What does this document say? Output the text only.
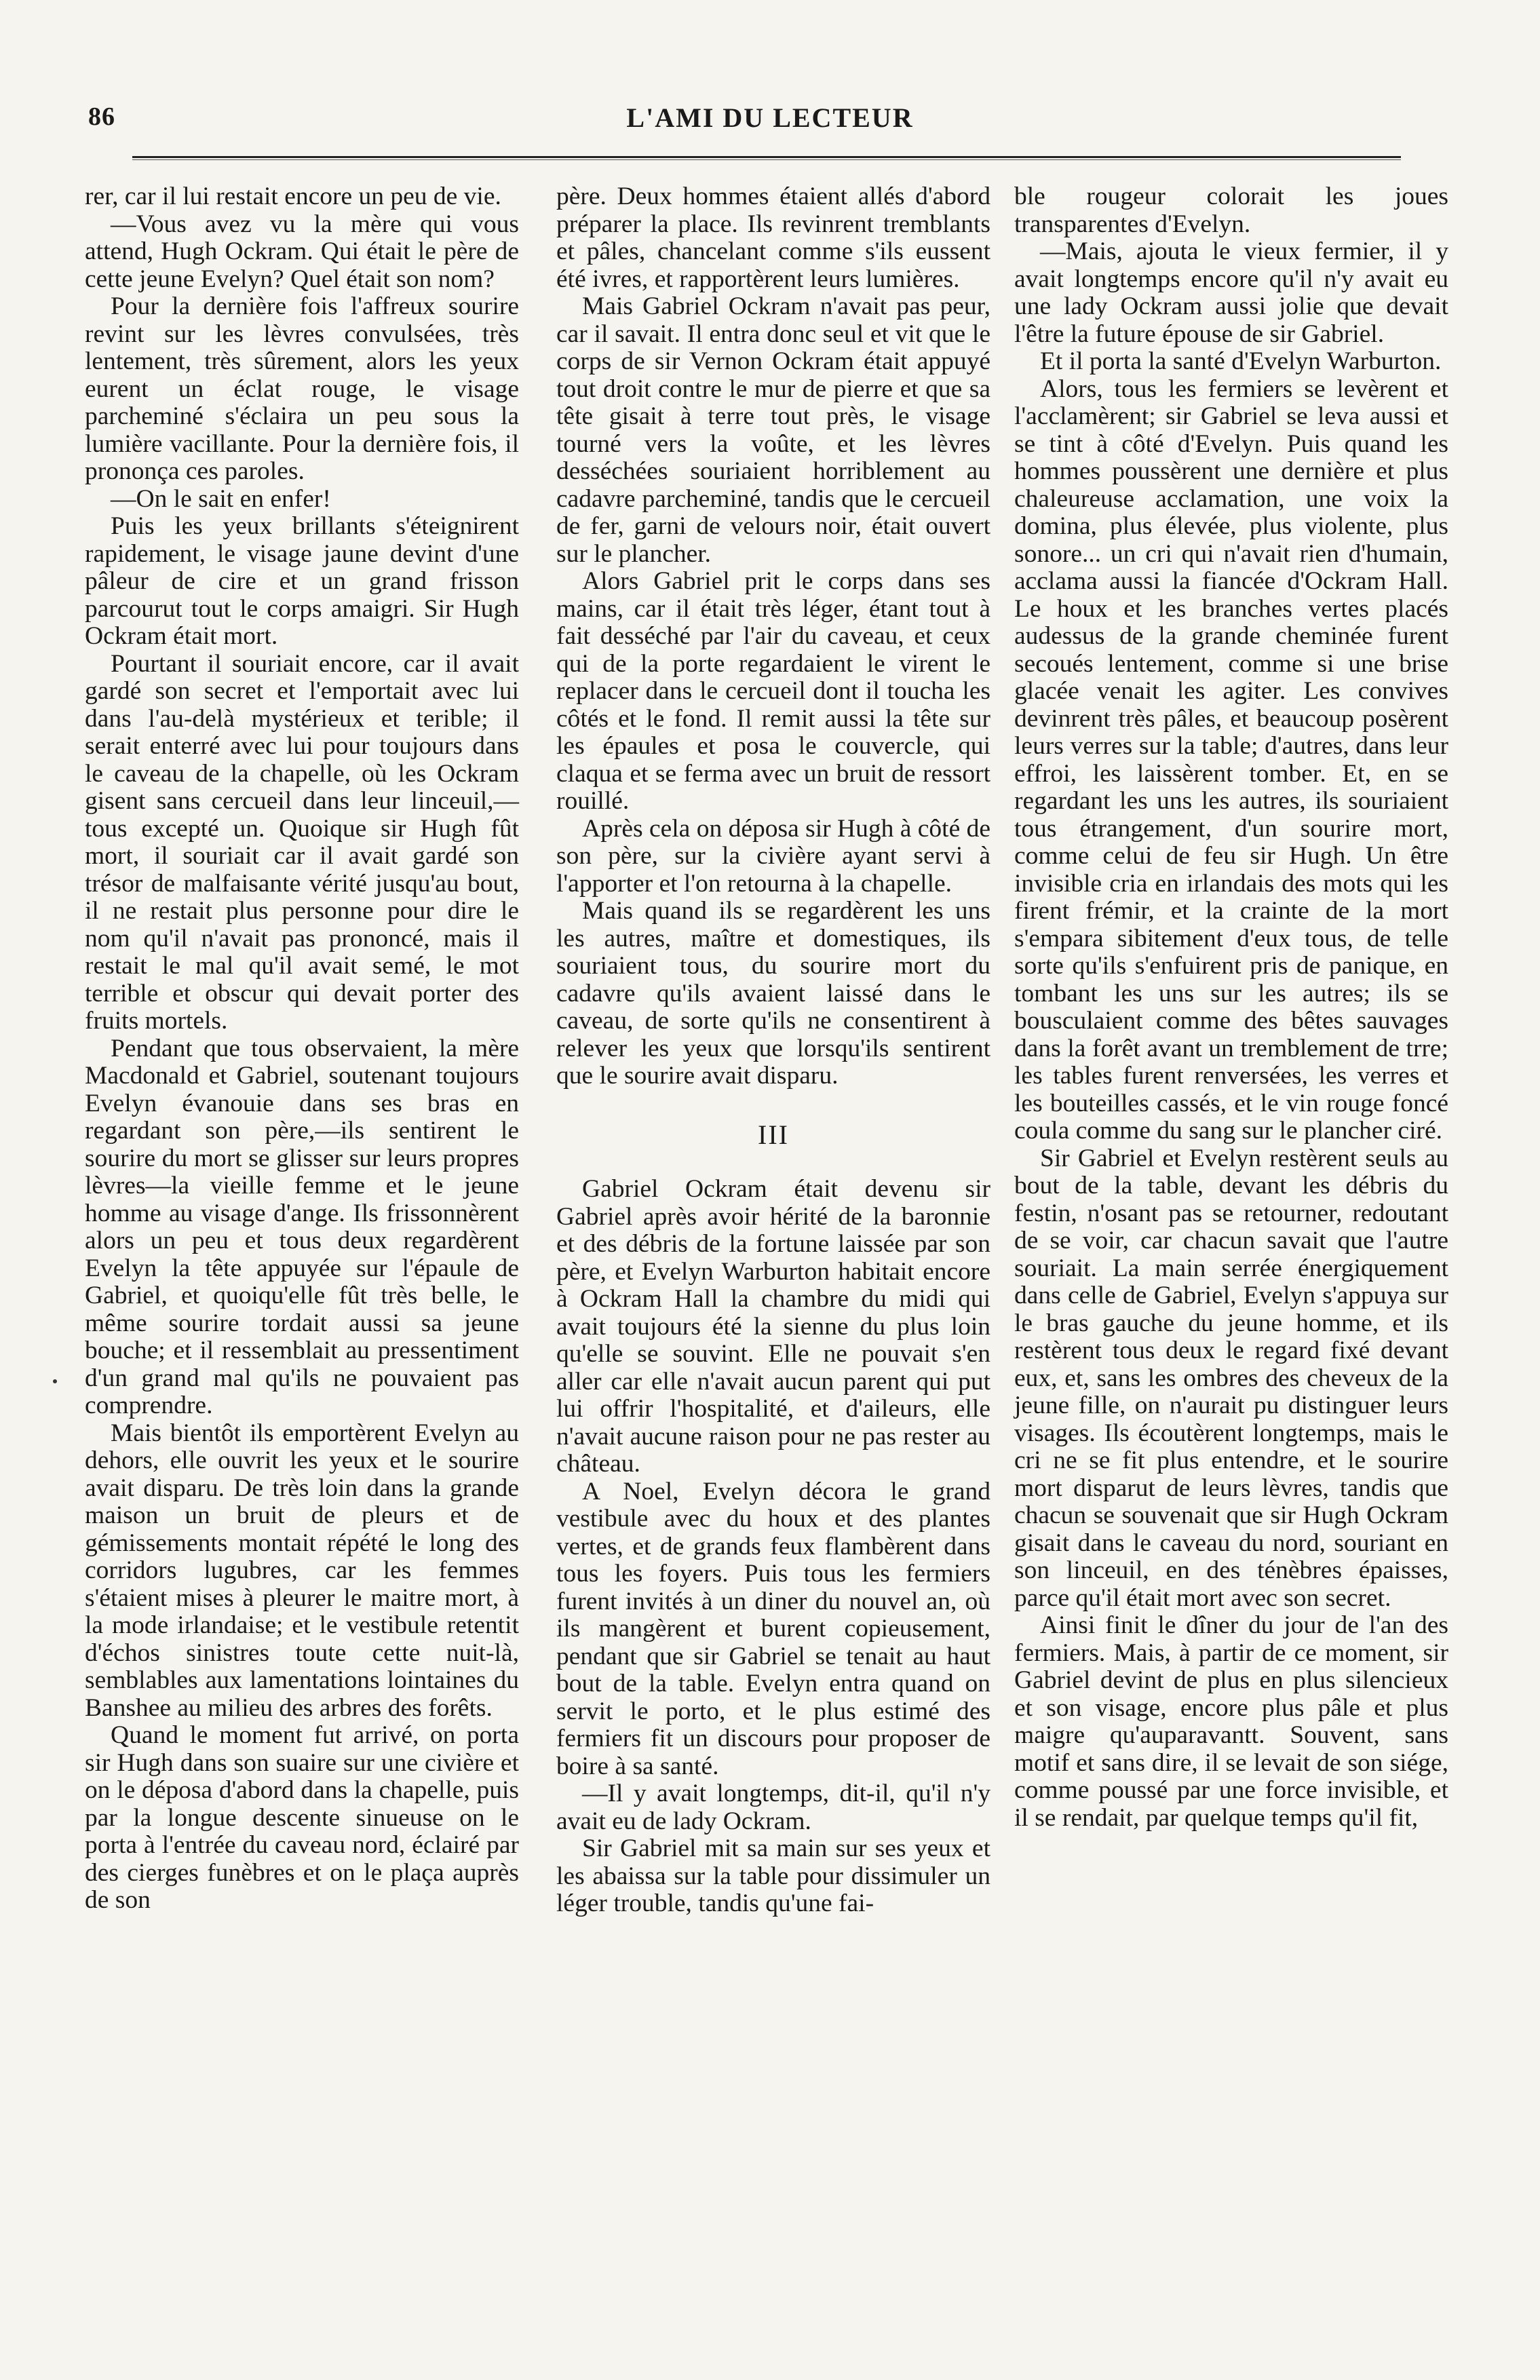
86	L'AMI DU LECTEUR

rer, car il lui restait encore un peu de vie.

—Vous avez vu la mère qui vous attend, Hugh Ockram. Qui était le père de cette jeune Evelyn? Quel était son nom?

Pour la dernière fois l'affreux sourire revint sur les lèvres convulsées, très lentement, très sûrement, alors les yeux eurent un éclat rouge, le visage parcheminé s'éclaira un peu sous la lumière vacillante. Pour la dernière fois, il prononça ces paroles.

—On le sait en enfer!

Puis les yeux brillants s'éteignirent rapidement, le visage jaune devint d'une pâleur de cire et un grand frisson parcourut tout le corps amaigri. Sir Hugh Ockram était mort.

Pourtant il souriait encore, car il avait gardé son secret et l'emportait avec lui dans l'au-delà mystérieux et terible; il serait enterré avec lui pour toujours dans le caveau de la chapelle, où les Ockram gisent sans cercueil dans leur linceuil,—tous excepté un. Quoique sir Hugh fût mort, il souriait car il avait gardé son trésor de malfaisante vérité jusqu'au bout, il ne restait plus personne pour dire le nom qu'il n'avait pas prononcé, mais il restait le mal qu'il avait semé, le mot terrible et obscur qui devait porter des fruits mortels.

Pendant que tous observaient, la mère Macdonald et Gabriel, soutenant toujours Evelyn évanouie dans ses bras en regardant son père,—ils sentirent le sourire du mort se glisser sur leurs propres lèvres—la vieille femme et le jeune homme au visage d'ange. Ils frissonnèrent alors un peu et tous deux regardèrent Evelyn la tête appuyée sur l'épaule de Gabriel, et quoiqu'elle fût très belle, le même sourire tordait aussi sa jeune bouche; et il ressemblait au pressentiment d'un grand mal qu'ils ne pouvaient pas comprendre.

Mais bientôt ils emportèrent Evelyn au dehors, elle ouvrit les yeux et le sourire avait disparu. De très loin dans la grande maison un bruit de pleurs et de gémissements montait répété le long des corridors lugubres, car les femmes s'étaient mises à pleurer le maitre mort, à la mode irlandaise; et le vestibule retentit d'échos sinistres toute cette nuit-là, semblables aux lamentations lointaines du Banshee au milieu des arbres des forêts.

Quand le moment fut arrivé, on porta sir Hugh dans son suaire sur une civière et on le déposa d'abord dans la chapelle, puis par la longue descente sinueuse on le porta à l'entrée du caveau nord, éclairé par des cierges funèbres et on le plaça auprès de son

père. Deux hommes étaient allés d'abord préparer la place. Ils revinrent tremblants et pâles, chancelant comme s'ils eussent été ivres, et rapportèrent leurs lumières.

Mais Gabriel Ockram n'avait pas peur, car il savait. Il entra donc seul et vit que le corps de sir Vernon Ockram était appuyé tout droit contre le mur de pierre et que sa tête gisait à terre tout près, le visage tourné vers la voûte, et les lèvres desséchées souriaient horriblement au cadavre parcheminé, tandis que le cercueil de fer, garni de velours noir, était ouvert sur le plancher.

Alors Gabriel prit le corps dans ses mains, car il était très léger, étant tout à fait desséché par l'air du caveau, et ceux qui de la porte regardaient le virent le replacer dans le cercueil dont il toucha les côtés et le fond. Il remit aussi la tête sur les épaules et posa le couvercle, qui claqua et se ferma avec un bruit de ressort rouillé.

Après cela on déposa sir Hugh à côté de son père, sur la civière ayant servi à l'apporter et l'on retourna à la chapelle.

Mais quand ils se regardèrent les uns les autres, maître et domestiques, ils souriaient tous, du sourire mort du cadavre qu'ils avaient laissé dans le caveau, de sorte qu'ils ne consentirent à relever les yeux que lorsqu'ils sentirent que le sourire avait disparu.

III

Gabriel Ockram était devenu sir Gabriel après avoir hérité de la baronnie et des débris de la fortune laissée par son père, et Evelyn Warburton habitait encore à Ockram Hall la chambre du midi qui avait toujours été la sienne du plus loin qu'elle se souvint. Elle ne pouvait s'en aller car elle n'avait aucun parent qui put lui offrir l'hospitalité, et d'aileurs, elle n'avait aucune raison pour ne pas rester au château.

A Noel, Evelyn décora le grand vestibule avec du houx et des plantes vertes, et de grands feux flambèrent dans tous les foyers. Puis tous les fermiers furent invités à un diner du nouvel an, où ils mangèrent et burent copieusement, pendant que sir Gabriel se tenait au haut bout de la table. Evelyn entra quand on servit le porto, et le plus estimé des fermiers fit un discours pour proposer de boire à sa santé.

—Il y avait longtemps, dit-il, qu'il n'y avait eu de lady Ockram.

Sir Gabriel mit sa main sur ses yeux et les abaissa sur la table pour dissimuler un léger trouble, tandis qu'une fai-

ble rougeur colorait les joues transparentes d'Evelyn.

—Mais, ajouta le vieux fermier, il y avait longtemps encore qu'il n'y avait eu une lady Ockram aussi jolie que devait l'être la future épouse de sir Gabriel.

Et il porta la santé d'Evelyn Warburton.

Alors, tous les fermiers se levèrent et l'acclamèrent; sir Gabriel se leva aussi et se tint à côté d'Evelyn. Puis quand les hommes poussèrent une dernière et plus chaleureuse acclamation, une voix la domina, plus élevée, plus violente, plus sonore... un cri qui n'avait rien d'humain, acclama aussi la fiancée d'Ockram Hall. Le houx et les branches vertes placés audessus de la grande cheminée furent secoués lentement, comme si une brise glacée venait les agiter. Les convives devinrent très pâles, et beaucoup posèrent leurs verres sur la table; d'autres, dans leur effroi, les laissèrent tomber. Et, en se regardant les uns les autres, ils souriaient tous étrangement, d'un sourire mort, comme celui de feu sir Hugh. Un être invisible cria en irlandais des mots qui les firent frémir, et la crainte de la mort s'empara sibitement d'eux tous, de telle sorte qu'ils s'enfuirent pris de panique, en tombant les uns sur les autres; ils se bousculaient comme des bêtes sauvages dans la forêt avant un tremblement de trre; les tables furent renversées, les verres et les bouteilles cassés, et le vin rouge foncé coula comme du sang sur le plancher ciré.

Sir Gabriel et Evelyn restèrent seuls au bout de la table, devant les débris du festin, n'osant pas se retourner, redoutant de se voir, car chacun savait que l'autre souriait. La main serrée énergiquement dans celle de Gabriel, Evelyn s'appuya sur le bras gauche du jeune homme, et ils restèrent tous deux le regard fixé devant eux, et, sans les ombres des cheveux de la jeune fille, on n'aurait pu distinguer leurs visages. Ils écoutèrent longtemps, mais le cri ne se fit plus entendre, et le sourire mort disparut de leurs lèvres, tandis que chacun se souvenait que sir Hugh Ockram gisait dans le caveau du nord, souriant en son linceuil, en des ténèbres épaisses, parce qu'il était mort avec son secret.

Ainsi finit le dîner du jour de l'an des fermiers. Mais, à partir de ce moment, sir Gabriel devint de plus en plus silencieux et son visage, encore plus pâle et plus maigre qu'auparavantt. Souvent, sans motif et sans dire, il se levait de son siége, comme poussé par une force invisible, et il se rendait, par quelque temps qu'il fit,
